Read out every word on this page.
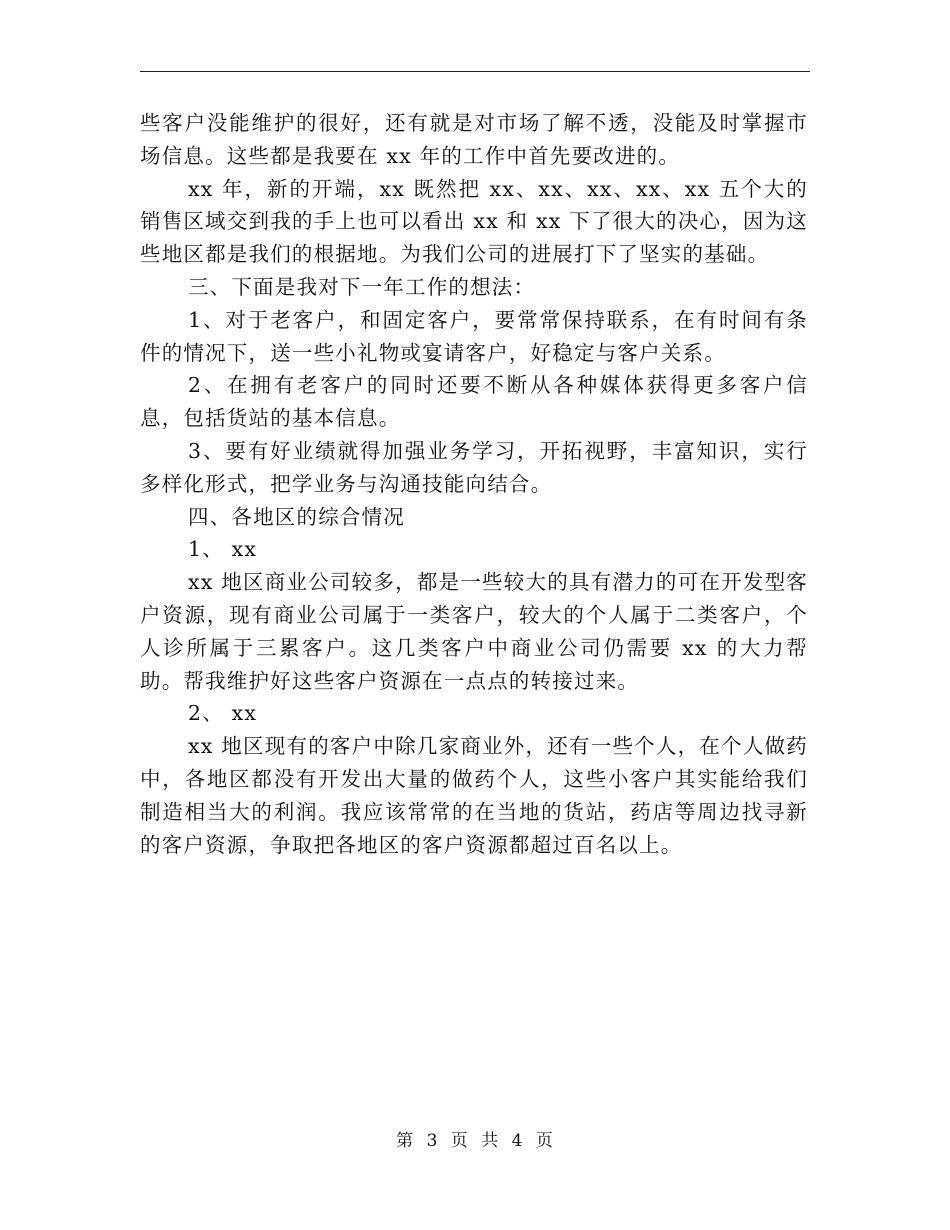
些客户没能维护的很好，还有就是对市场了解不透，没能及时掌握市场信息。这些都是我要在 xx 年的工作中首先要改进的。

xx 年，新的开端，xx 既然把 xx、xx、xx、xx、xx 五个大的销售区域交到我的手上也可以看出 xx 和 xx 下了很大的决心，因为这些地区都是我们的根据地。为我们公司的进展打下了坚实的基础。

三、下面是我对下一年工作的想法：

1、对于老客户，和固定客户，要常常保持联系，在有时间有条件的情况下，送一些小礼物或宴请客户，好稳定与客户关系。

2、在拥有老客户的同时还要不断从各种媒体获得更多客户信息，包括货站的基本信息。

3、要有好业绩就得加强业务学习，开拓视野，丰富知识，实行多样化形式，把学业务与沟通技能向结合。

四、各地区的综合情况

1、 xx

xx 地区商业公司较多，都是一些较大的具有潜力的可在开发型客户资源，现有商业公司属于一类客户，较大的个人属于二类客户，个人诊所属于三累客户。这几类客户中商业公司仍需要 xx 的大力帮助。帮我维护好这些客户资源在一点点的转接过来。

2、 xx

xx 地区现有的客户中除几家商业外，还有一些个人，在个人做药中，各地区都没有开发出大量的做药个人，这些小客户其实能给我们制造相当大的利润。我应该常常的在当地的货站，药店等周边找寻新的客户资源，争取把各地区的客户资源都超过百名以上。

第 3 页 共 4 页
